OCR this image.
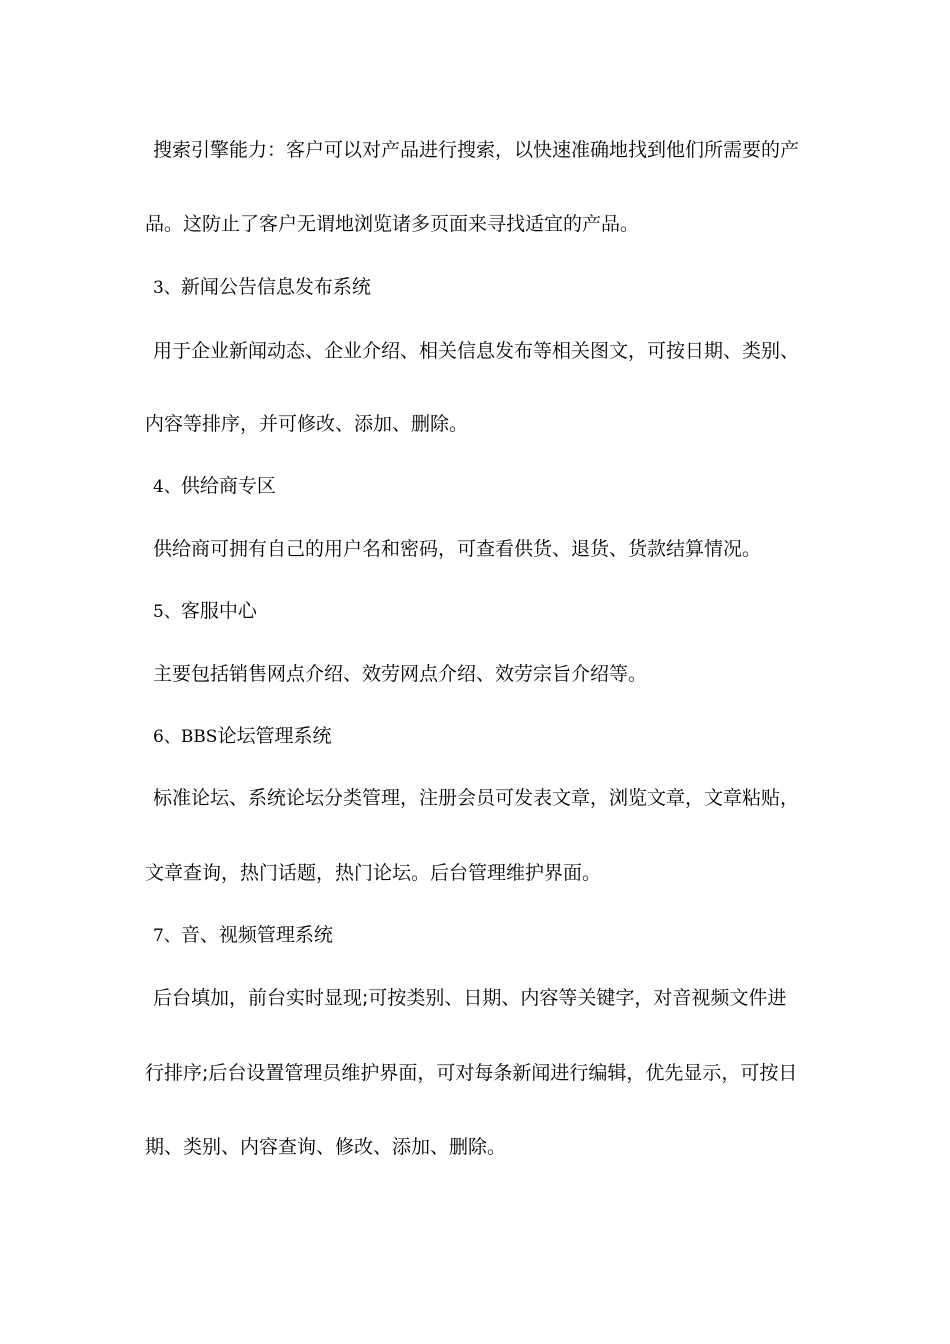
搜索引擎能力：客户可以对产品进行搜索，以快速准确地找到他们所需要的产
品。这防止了客户无谓地浏览诸多页面来寻找适宜的产品。
3、新闻公告信息发布系统
用于企业新闻动态、企业介绍、相关信息发布等相关图文，可按日期、类别、
内容等排序，并可修改、添加、删除。
4、供给商专区
供给商可拥有自己的用户名和密码，可查看供货、退货、货款结算情况。
5、客服中心
主要包括销售网点介绍、效劳网点介绍、效劳宗旨介绍等。
6、BBS论坛管理系统
标准论坛、系统论坛分类管理，注册会员可发表文章，浏览文章，文章粘贴，
文章查询，热门话题，热门论坛。后台管理维护界面。
7、音、视频管理系统
后台填加，前台实时显现;可按类别、日期、内容等关键字，对音视频文件进
行排序;后台设置管理员维护界面，可对每条新闻进行编辑，优先显示，可按日
期、类别、内容查询、修改、添加、删除。
